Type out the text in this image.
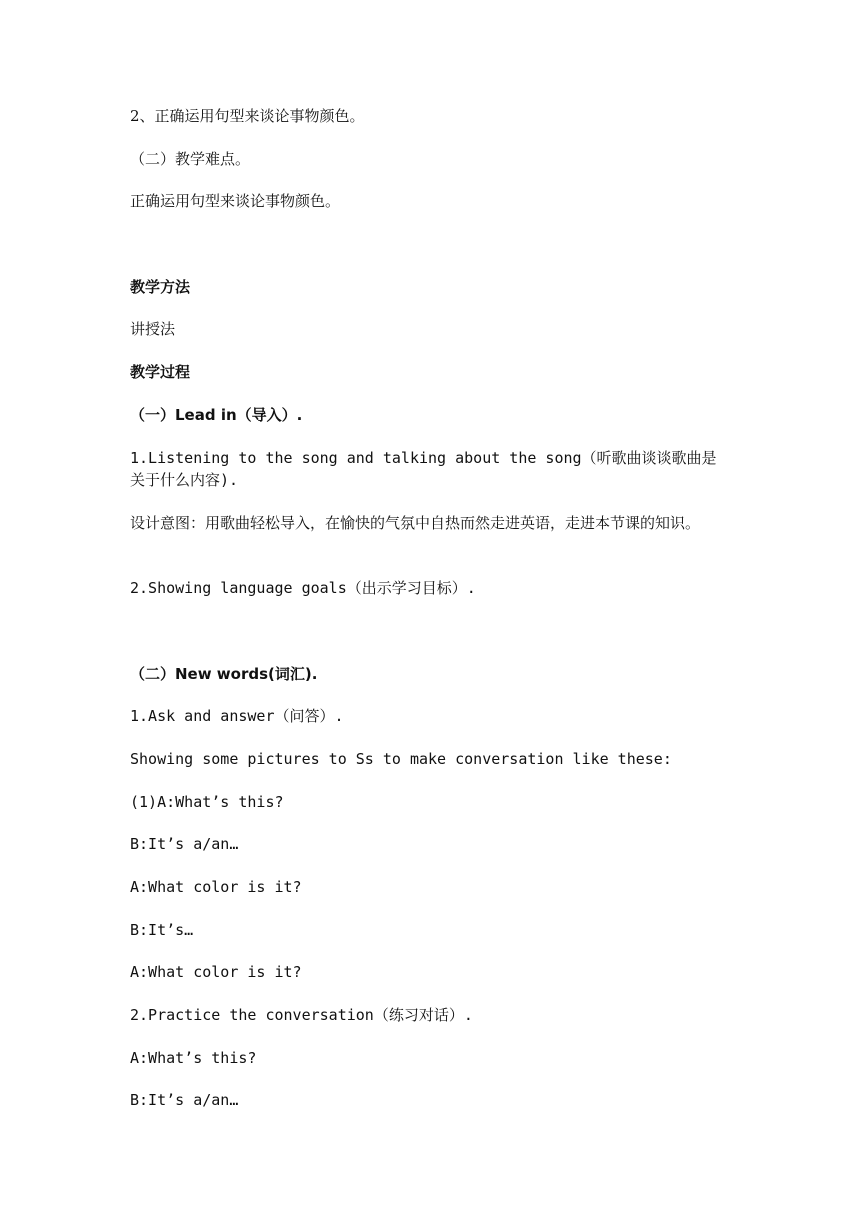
2、正确运用句型来谈论事物颜色。
（二）教学难点。
正确运用句型来谈论事物颜色。
教学方法
讲授法
教学过程
（一）Lead in（导入）.
1.Listening to the song and talking about the song（听歌曲谈谈歌曲是关于什么内容).
设计意图：用歌曲轻松导入，在愉快的气氛中自热而然走进英语，走进本节课的知识。
2.Showing language goals（出示学习目标）.
（二）New words(词汇).
1.Ask and answer（问答）.
Showing some pictures to Ss to make conversation like these:
(1)A:What’s this?
B:It’s a/an…
A:What color is it?
B:It’s…
A:What color is it?
2.Practice the conversation（练习对话）.
A:What’s this?
B:It’s a/an…
